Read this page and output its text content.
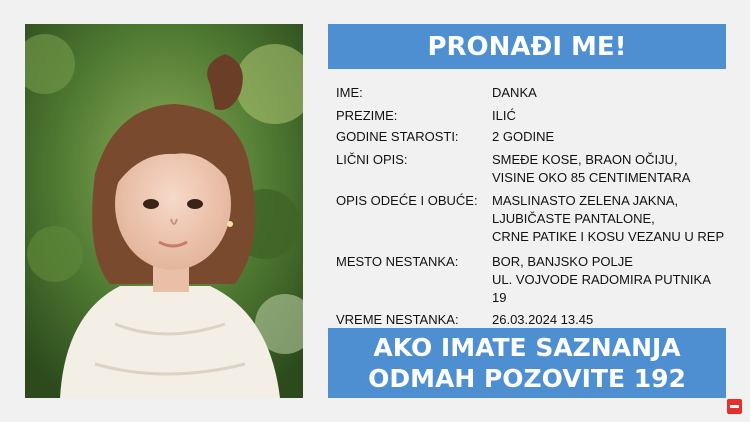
PRONAĐI ME!
IME:	DANKA
PREZIME:	ILIĆ
GODINE STAROSTI:	2 GODINE
LIČNI OPIS:	SMEĐE KOSE, BRAON OČIJU,
VISINE OKO 85 CENTIMENTARA
OPIS ODEĆE I OBUĆE:	MASLINASTO ZELENA JAKNA,
LJUBIČASTE PANTALONE,
CRNE PATIKE I KOSU VEZANU U REP
MESTO NESTANKA:	BOR, BANJSKO POLJE
UL. VOJVODE RADOMIRA PUTNIKA 19
VREME NESTANKA:	26.03.2024 13.45
AKO IMATE SAZNANJA
ODMAH POZOVITE 192
